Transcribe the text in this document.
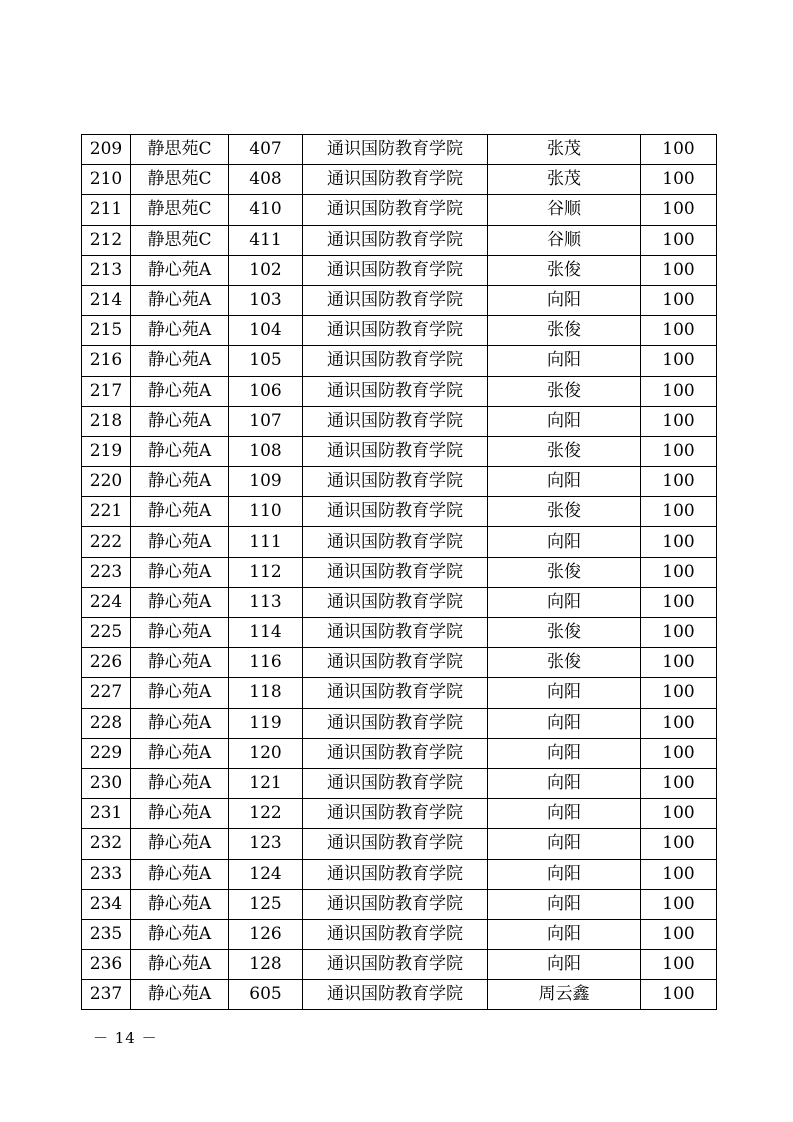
209	静思苑C	407	通识国防教育学院	张茂	100
210	静思苑C	408	通识国防教育学院	张茂	100
211	静思苑C	410	通识国防教育学院	谷顺	100
212	静思苑C	411	通识国防教育学院	谷顺	100
213	静心苑A	102	通识国防教育学院	张俊	100
214	静心苑A	103	通识国防教育学院	向阳	100
215	静心苑A	104	通识国防教育学院	张俊	100
216	静心苑A	105	通识国防教育学院	向阳	100
217	静心苑A	106	通识国防教育学院	张俊	100
218	静心苑A	107	通识国防教育学院	向阳	100
219	静心苑A	108	通识国防教育学院	张俊	100
220	静心苑A	109	通识国防教育学院	向阳	100
221	静心苑A	110	通识国防教育学院	张俊	100
222	静心苑A	111	通识国防教育学院	向阳	100
223	静心苑A	112	通识国防教育学院	张俊	100
224	静心苑A	113	通识国防教育学院	向阳	100
225	静心苑A	114	通识国防教育学院	张俊	100
226	静心苑A	116	通识国防教育学院	张俊	100
227	静心苑A	118	通识国防教育学院	向阳	100
228	静心苑A	119	通识国防教育学院	向阳	100
229	静心苑A	120	通识国防教育学院	向阳	100
230	静心苑A	121	通识国防教育学院	向阳	100
231	静心苑A	122	通识国防教育学院	向阳	100
232	静心苑A	123	通识国防教育学院	向阳	100
233	静心苑A	124	通识国防教育学院	向阳	100
234	静心苑A	125	通识国防教育学院	向阳	100
235	静心苑A	126	通识国防教育学院	向阳	100
236	静心苑A	128	通识国防教育学院	向阳	100
237	静心苑A	605	通识国防教育学院	周云鑫	100
－ 14 －
